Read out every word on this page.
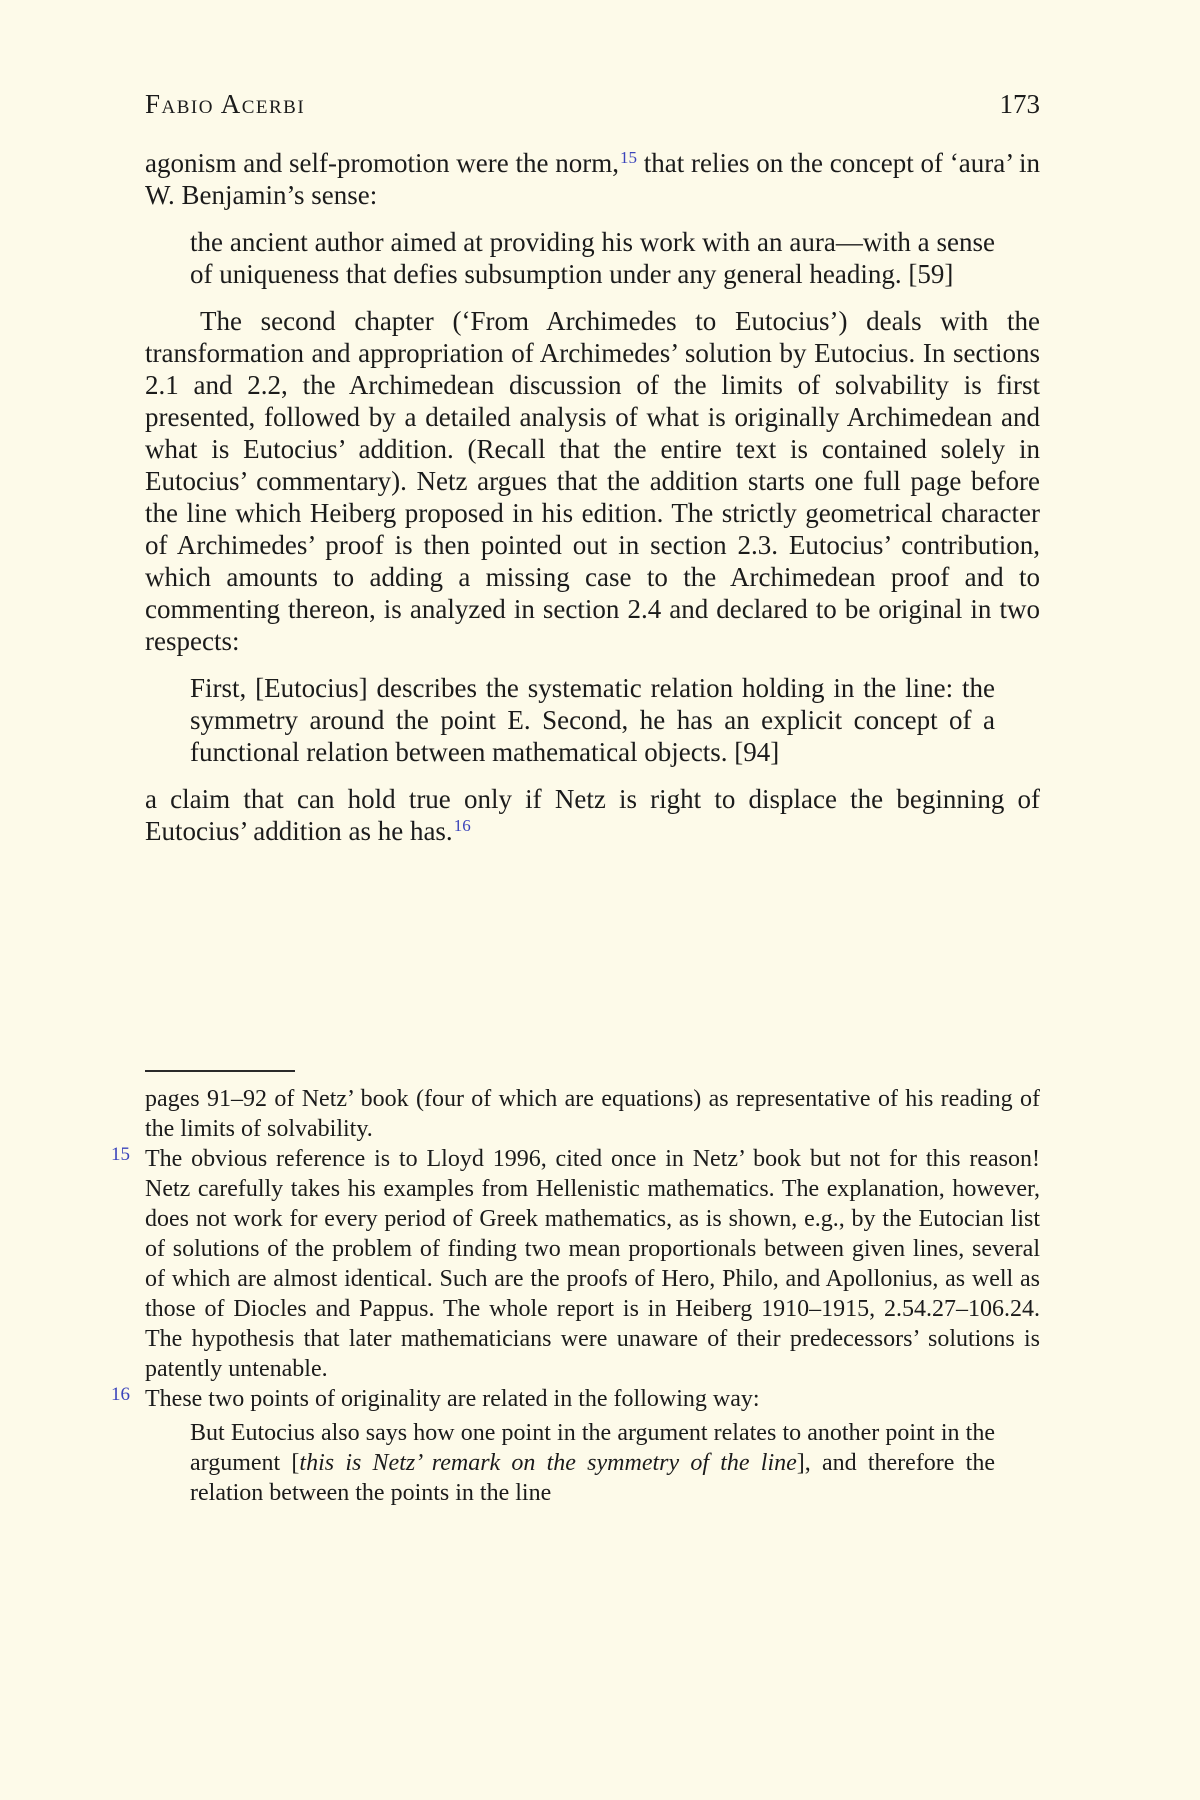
Fabio Acerbi	173

agonism and self-promotion were the norm,$^{15}$ that relies on the concept of ‘aura’ in W. Benjamin’s sense:

the ancient author aimed at providing his work with an aura—with a sense of uniqueness that defies subsumption under any general heading. [59]

The second chapter (‘From Archimedes to Eutocius’) deals with the transformation and appropriation of Archimedes’ solution by Eutocius. In sections 2.1 and 2.2, the Archimedean discussion of the limits of solvability is first presented, followed by a detailed analysis of what is originally Archimedean and what is Eutocius’ addition. (Recall that the entire text is contained solely in Eutocius’ commentary). Netz argues that the addition starts one full page before the line which Heiberg proposed in his edition. The strictly geometrical character of Archimedes’ proof is then pointed out in section 2.3. Eutocius’ contribution, which amounts to adding a missing case to the Archimedean proof and to commenting thereon, is analyzed in section 2.4 and declared to be original in two respects:

First, [Eutocius] describes the systematic relation holding in the line: the symmetry around the point E. Second, he has an explicit concept of a functional relation between mathematical objects. [94]

a claim that can hold true only if Netz is right to displace the beginning of Eutocius’ addition as he has.$^{16}$

pages 91–92 of Netz’ book (four of which are equations) as representative of his reading of the limits of solvability.

15 The obvious reference is to Lloyd 1996, cited once in Netz’ book but not for this reason! Netz carefully takes his examples from Hellenistic mathematics. The explanation, however, does not work for every period of Greek mathematics, as is shown, e.g., by the Eutocian list of solutions of the problem of finding two mean proportionals between given lines, several of which are almost identical. Such are the proofs of Hero, Philo, and Apollonius, as well as those of Diocles and Pappus. The whole report is in Heiberg 1910–1915, 2.54.27–106.24. The hypothesis that later mathematicians were unaware of their predecessors’ solutions is patently untenable.

16 These two points of originality are related in the following way:

But Eutocius also says how one point in the argument relates to another point in the argument [this is Netz’ remark on the symmetry of the line], and therefore the relation between the points in the line
